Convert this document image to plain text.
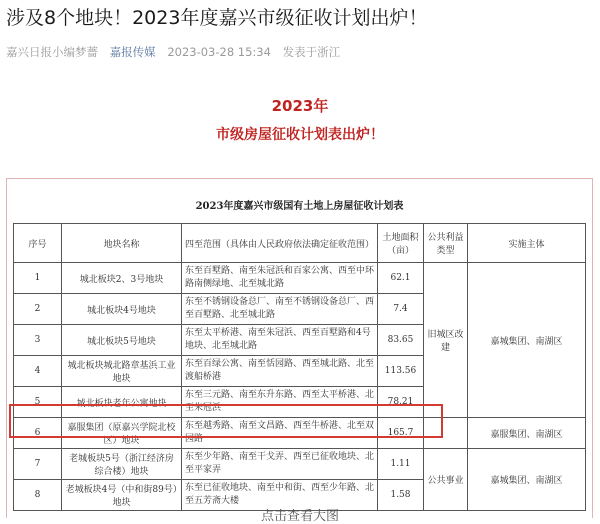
涉及8个地块！2023年度嘉兴市级征收计划出炉！
嘉兴日报小编梦薔 嘉报传媒 2023-03-28 15:34 发表于浙江
2023年
市级房屋征收计划表出炉！
2023年度嘉兴市级国有土地上房屋征收计划表
序号	地块名称	四至范围（具体由人民政府依法确定征收范围）	土地面积（亩）	公共利益类型	实施主体
1	城北板块2、3号地块	东至百墅路、南至朱冠浜和百家公寓、西至中环路南侧绿地、北至城北路	62.1	旧城区改建	嘉城集团、南湖区
2	城北板块4号地块	东至不锈钢设备总厂、南至不锈钢设备总厂、西至百墅路、北至城北路	7.4		
3	城北板块5号地块	东至太平桥港、南至朱冠浜、西至百墅路和4号地块、北至城北路	83.65		
4	城北板块城北路章基浜工业地块	东至百绿公寓、南至恬园路、西至城北路、北至渡船桥港	113.56		
5	城北板块老年公寓地块	东至三元路、南至东升东路、西至太平桥港、北至朱冠浜	78.21		
6	嘉服集团（原嘉兴学院北校区）地块	东至越秀路、南至文昌路、西至牛桥港、北至双园路	165.7		嘉服集团、南湖区
7	老城板块5号（浙江经济房综合楼）地块	东至少年路、南至干戈弄、西至已征收地块、北至平家弄	1.11	公共事业	嘉城集团、南湖区
8	老城板块4号（中和街89号）地块	东至已征收地块、南至中和街、西至少年路、北至五芳斋大楼	1.58		
点击查看大图
